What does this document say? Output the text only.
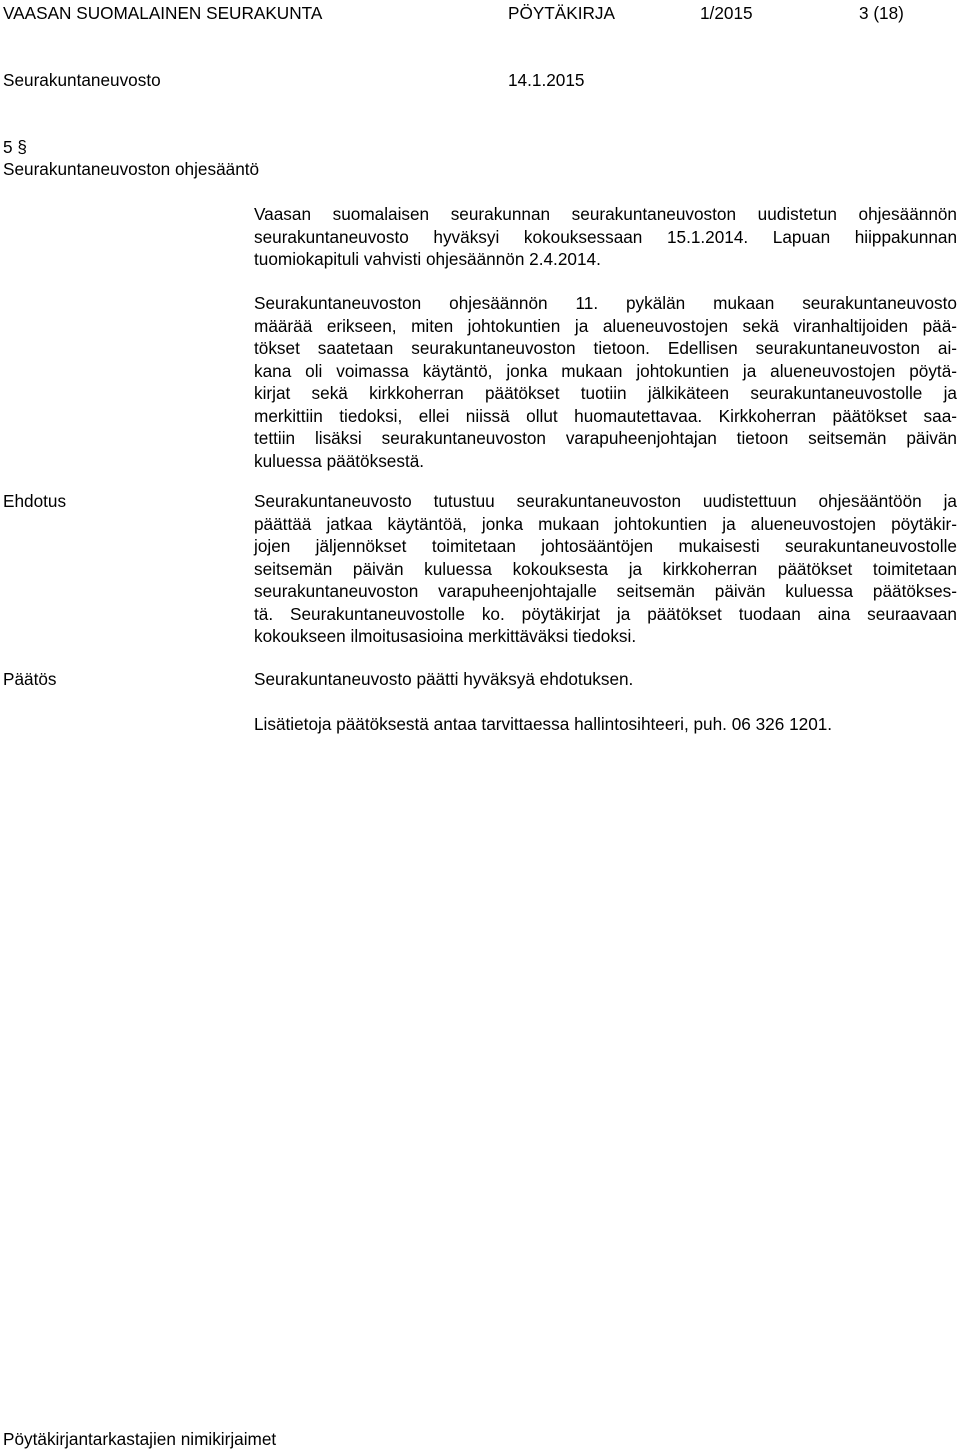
VAASAN SUOMALAINEN SEURAKUNTA	PÖYTÄKIRJA	1/2015	3 (18)
Seurakuntaneuvosto	14.1.2015
5 §
Seurakuntaneuvoston ohjesääntö
Vaasan suomalaisen seurakunnan seurakuntaneuvoston uudistetun ohjesäännön
seurakuntaneuvosto hyväksyi kokouksessaan 15.1.2014. Lapuan hiippakunnan
tuomiokapituli vahvisti ohjesäännön 2.4.2014.
Seurakuntaneuvoston ohjesäännön 11. pykälän mukaan seurakuntaneuvosto
määrää erikseen, miten johtokuntien ja alueneuvostojen sekä viranhaltijoiden pää-
tökset saatetaan seurakuntaneuvoston tietoon. Edellisen seurakuntaneuvoston ai-
kana oli voimassa käytäntö, jonka mukaan johtokuntien ja alueneuvostojen pöytä-
kirjat sekä kirkkoherran päätökset tuotiin jälkikäteen seurakuntaneuvostolle ja
merkittiin tiedoksi, ellei niissä ollut huomautettavaa. Kirkkoherran päätökset saa-
tettiin lisäksi seurakuntaneuvoston varapuheenjohtajan tietoon seitsemän päivän
kuluessa päätöksestä.
Ehdotus	Seurakuntaneuvosto tutustuu seurakuntaneuvoston uudistettuun ohjesääntöön ja
päättää jatkaa käytäntöä, jonka mukaan johtokuntien ja alueneuvostojen pöytäkir-
jojen jäljennökset toimitetaan johtosääntöjen mukaisesti seurakuntaneuvostolle
seitsemän päivän kuluessa kokouksesta ja kirkkoherran päätökset toimitetaan
seurakuntaneuvoston varapuheenjohtajalle seitsemän päivän kuluessa päätökses-
tä. Seurakuntaneuvostolle ko. pöytäkirjat ja päätökset tuodaan aina seuraavaan
kokoukseen ilmoitusasioina merkittäväksi tiedoksi.
Päätös	Seurakuntaneuvosto päätti hyväksyä ehdotuksen.
Lisätietoja päätöksestä antaa tarvittaessa hallintosihteeri, puh. 06 326 1201.
Pöytäkirjantarkastajien nimikirjaimet
